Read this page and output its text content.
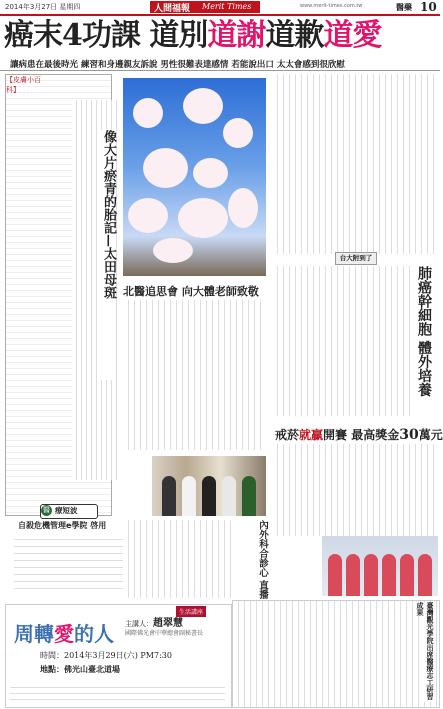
2014年3月27日 星期四	人間福報 Merit Times	www.merit-times.com.tw	醫藥 10
癌末4功課 道別道謝道歉道愛
讓病患在最後時光 練習和身邊親友訴說 男性很難表達感情 若能說出口 太太會感到很欣慰
【皮膚小百科】
像大片瘀青的胎記—太田母斑
醫 療短波
自殺危機管理e學院 啓用
北醫追思會 向大體老師致敬
內外科合診心 直播
台大附到了
肺癌幹細胞 體外培養
戒菸就贏開賽 最高獎金30萬元
臺灣觀光學院出席醫療志工研習成果
生活講座
周轉愛的人 主講人：趙翠慧
國際佛光會中華總會副秘書長
時間：2014年3月29日(六) PM7:30
地點：佛光山臺北道場
